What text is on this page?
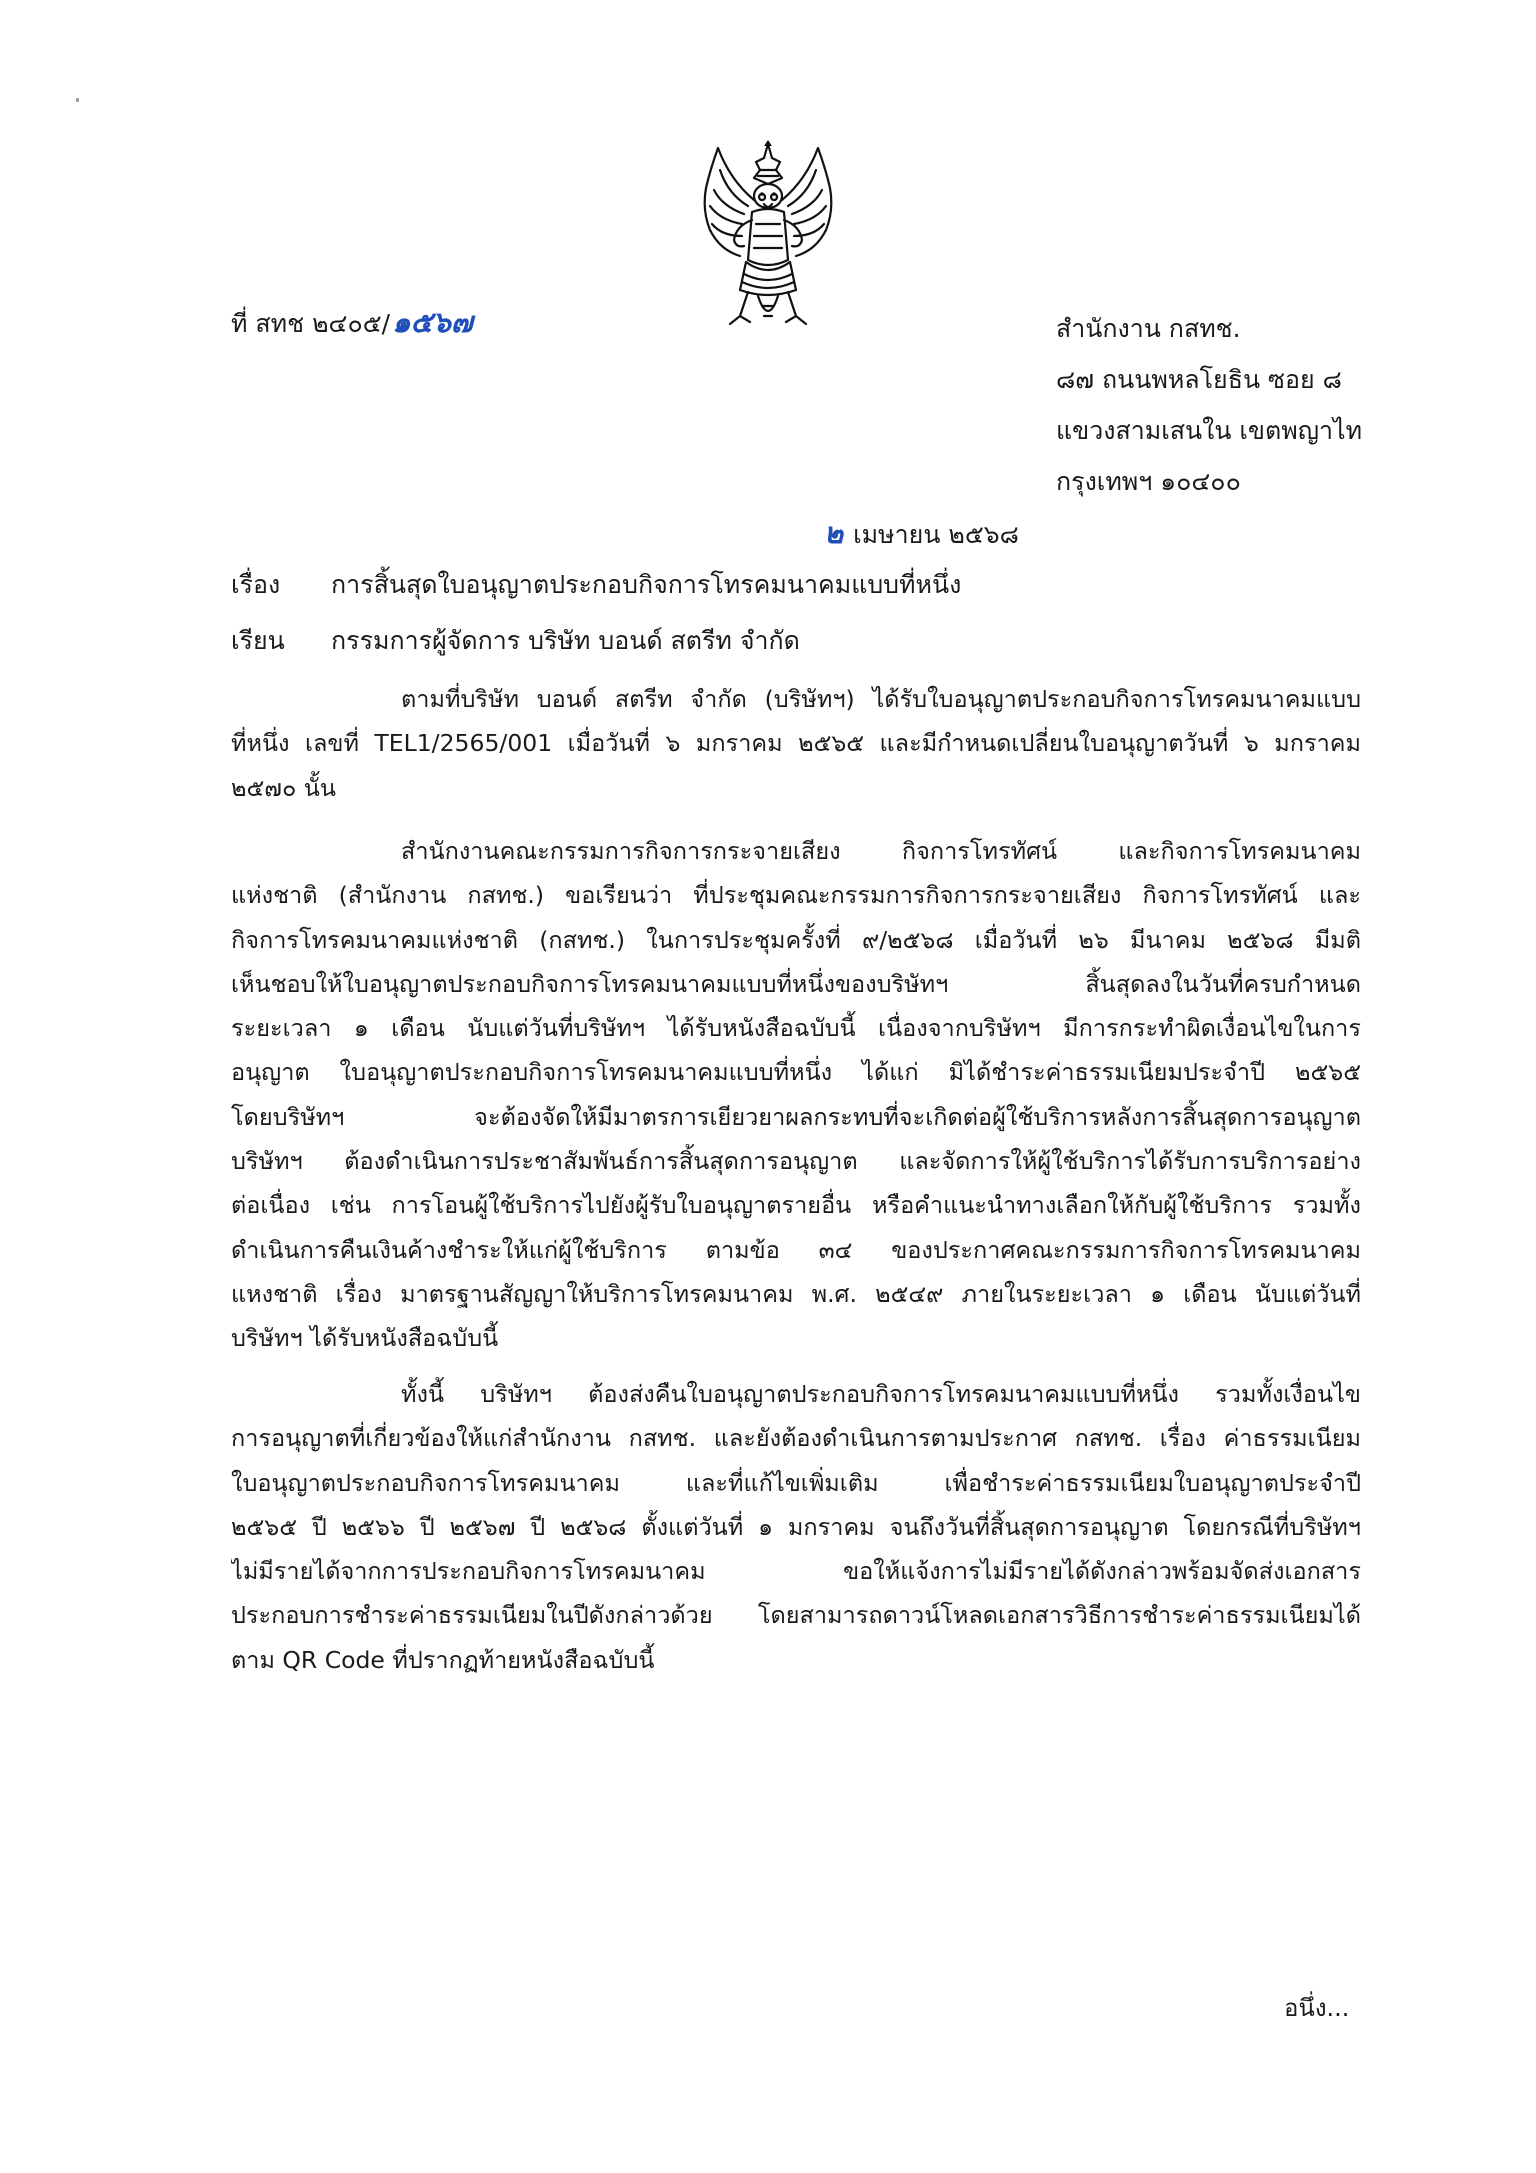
ที่ สทช ๒๔๐๕/๑๕๖๗	สำนักงาน กสทช.
๘๗ ถนนพหลโยธิน ซอย ๘
แขวงสามเสนใน เขตพญาไท
กรุงเทพฯ ๑๐๔๐๐
๒ เมษายน ๒๕๖๘
เรื่อง การสิ้นสุดใบอนุญาตประกอบกิจการโทรคมนาคมแบบที่หนึ่ง
เรียน กรรมการผู้จัดการ บริษัท บอนด์ สตรีท จำกัด
ตามที่บริษัท บอนด์ สตรีท จำกัด (บริษัทฯ) ได้รับใบอนุญาตประกอบกิจการโทรคมนาคมแบบ
ที่หนึ่ง เลขที่ TEL1/2565/001 เมื่อวันที่ ๖ มกราคม ๒๕๖๕ และมีกำหนดเปลี่ยนใบอนุญาตวันที่ ๖ มกราคม
๒๕๗๐ นั้น
สำนักงานคณะกรรมการกิจการกระจายเสียง กิจการโทรทัศน์ และกิจการโทรคมนาคม
แห่งชาติ (สำนักงาน กสทช.) ขอเรียนว่า ที่ประชุมคณะกรรมการกิจการกระจายเสียง กิจการโทรทัศน์ และ
กิจการโทรคมนาคมแห่งชาติ (กสทช.) ในการประชุมครั้งที่ ๙/๒๕๖๘ เมื่อวันที่ ๒๖ มีนาคม ๒๕๖๘ มีมติ
เห็นชอบให้ใบอนุญาตประกอบกิจการโทรคมนาคมแบบที่หนึ่งของบริษัทฯ สิ้นสุดลงในวันที่ครบกำหนด
ระยะเวลา ๑ เดือน นับแต่วันที่บริษัทฯ ได้รับหนังสือฉบับนี้ เนื่องจากบริษัทฯ มีการกระทำผิดเงื่อนไขในการ
อนุญาต ใบอนุญาตประกอบกิจการโทรคมนาคมแบบที่หนึ่ง ได้แก่ มิได้ชำระค่าธรรมเนียมประจำปี ๒๕๖๕
โดยบริษัทฯ จะต้องจัดให้มีมาตรการเยียวยาผลกระทบที่จะเกิดต่อผู้ใช้บริการหลังการสิ้นสุดการอนุญาต
บริษัทฯ ต้องดำเนินการประชาสัมพันธ์การสิ้นสุดการอนุญาต และจัดการให้ผู้ใช้บริการได้รับการบริการอย่าง
ต่อเนื่อง เช่น การโอนผู้ใช้บริการไปยังผู้รับใบอนุญาตรายอื่น หรือคำแนะนำทางเลือกให้กับผู้ใช้บริการ รวมทั้ง
ดำเนินการคืนเงินค้างชำระให้แก่ผู้ใช้บริการ ตามข้อ ๓๔ ของประกาศคณะกรรมการกิจการโทรคมนาคม
แหงชาติ เรื่อง มาตรฐานสัญญาให้บริการโทรคมนาคม พ.ศ. ๒๕๔๙ ภายในระยะเวลา ๑ เดือน นับแต่วันที่
บริษัทฯ ได้รับหนังสือฉบับนี้
ทั้งนี้ บริษัทฯ ต้องส่งคืนใบอนุญาตประกอบกิจการโทรคมนาคมแบบที่หนึ่ง รวมทั้งเงื่อนไข
การอนุญาตที่เกี่ยวข้องให้แก่สำนักงาน กสทช. และยังต้องดำเนินการตามประกาศ กสทช. เรื่อง ค่าธรรมเนียม
ใบอนุญาตประกอบกิจการโทรคมนาคม และที่แก้ไขเพิ่มเติม เพื่อชำระค่าธรรมเนียมใบอนุญาตประจำปี
๒๕๖๕ ปี ๒๕๖๖ ปี ๒๕๖๗ ปี ๒๕๖๘ ตั้งแต่วันที่ ๑ มกราคม จนถึงวันที่สิ้นสุดการอนุญาต โดยกรณีที่บริษัทฯ
ไม่มีรายได้จากการประกอบกิจการโทรคมนาคม ขอให้แจ้งการไม่มีรายได้ดังกล่าวพร้อมจัดส่งเอกสาร
ประกอบการชำระค่าธรรมเนียมในปีดังกล่าวด้วย โดยสามารถดาวน์โหลดเอกสารวิธีการชำระค่าธรรมเนียมได้
ตาม QR Code ที่ปรากฏท้ายหนังสือฉบับนี้
อนึ่ง...
